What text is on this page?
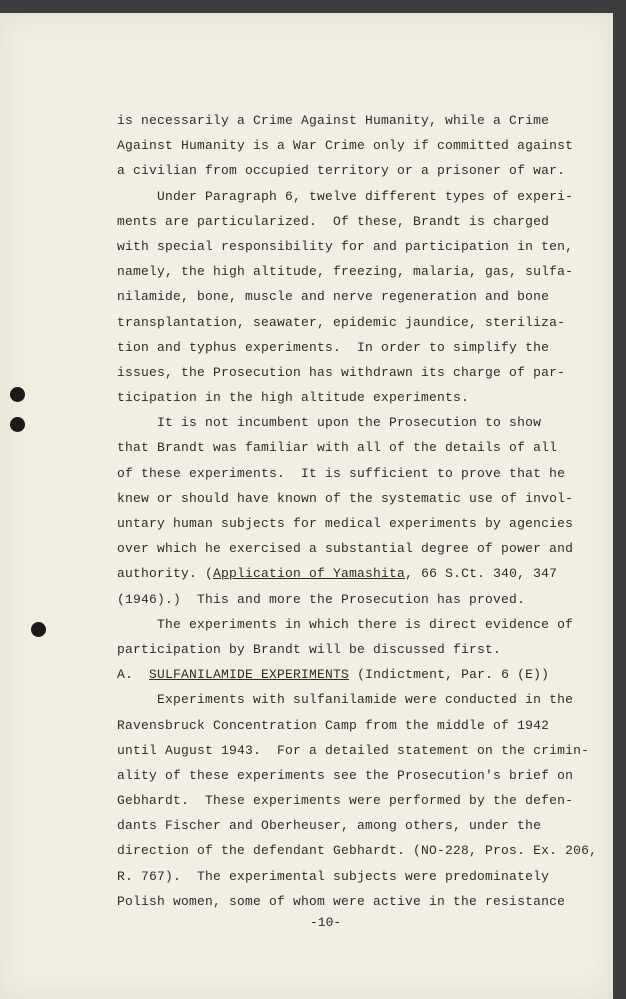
is necessarily a Crime Against Humanity, while a Crime
Against Humanity is a War Crime only if committed against
a civilian from occupied territory or a prisoner of war.
Under Paragraph 6, twelve different types of experi-
ments are particularized.  Of these, Brandt is charged
with special responsibility for and participation in ten,
namely, the high altitude, freezing, malaria, gas, sulfa-
nilamide, bone, muscle and nerve regeneration and bone
transplantation, seawater, epidemic jaundice, steriliza-
tion and typhus experiments.  In order to simplify the
issues, the Prosecution has withdrawn its charge of par-
ticipation in the high altitude experiments.
It is not incumbent upon the Prosecution to show
that Brandt was familiar with all of the details of all
of these experiments.  It is sufficient to prove that he
knew or should have known of the systematic use of invol-
untary human subjects for medical experiments by agencies
over which he exercised a substantial degree of power and
authority. (Application of Yamashita, 66 S.Ct. 340, 347
(1946).)  This and more the Prosecution has proved.
The experiments in which there is direct evidence of
participation by Brandt will be discussed first.
A. SULFANILAMIDE EXPERIMENTS (Indictment, Par. 6 (E))
Experiments with sulfanilamide were conducted in the
Ravensbruck Concentration Camp from the middle of 1942
until August 1943.  For a detailed statement on the crimin-
ality of these experiments see the Prosecution's brief on
Gebhardt.  These experiments were performed by the defen-
dants Fischer and Oberheuser, among others, under the
direction of the defendant Gebhardt. (NO-228, Pros. Ex. 206,
R. 767).  The experimental subjects were predominately
Polish women, some of whom were active in the resistance
-10-
